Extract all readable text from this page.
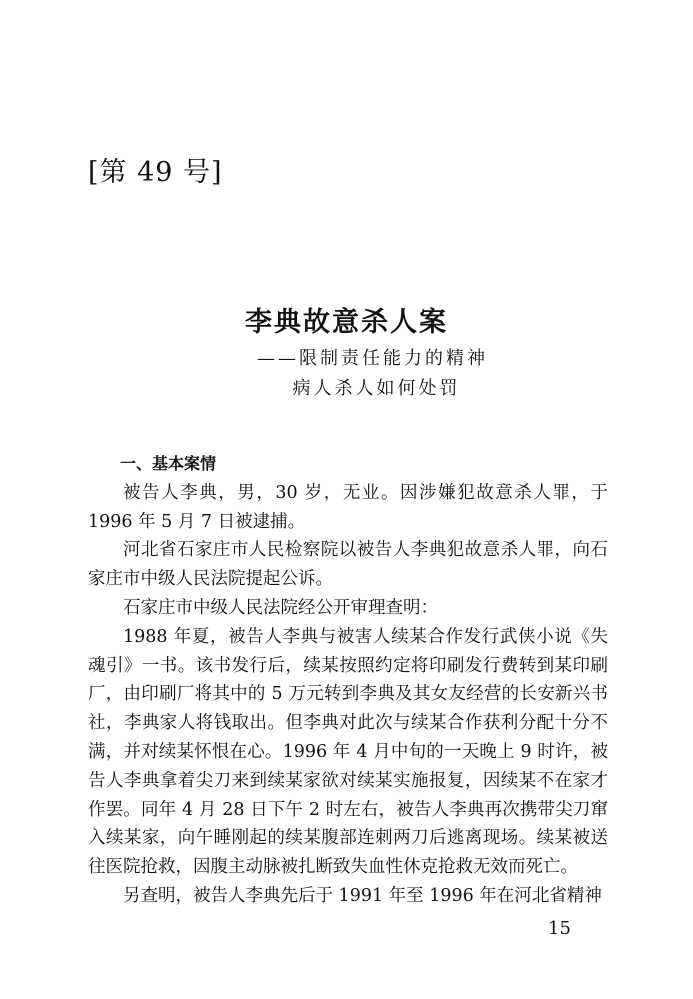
[第 49 号]
李典故意杀人案
——限制责任能力的精神
病人杀人如何处罚

一、基本案情

被告人李典，男，30 岁，无业。因涉嫌犯故意杀人罪，于 1996 年 5 月 7 日被逮捕。

河北省石家庄市人民检察院以被告人李典犯故意杀人罪，向石家庄市中级人民法院提起公诉。

石家庄市中级人民法院经公开审理查明：

1988 年夏，被告人李典与被害人续某合作发行武侠小说《失魂引》一书。该书发行后，续某按照约定将印刷发行费转到某印刷厂，由印刷厂将其中的 5 万元转到李典及其女友经营的长安新兴书社，李典家人将钱取出。但李典对此次与续某合作获利分配十分不满，并对续某怀恨在心。1996 年 4 月中旬的一天晚上 9 时许，被告人李典拿着尖刀来到续某家欲对续某实施报复，因续某不在家才作罢。同年 4 月 28 日下午 2 时左右，被告人李典再次携带尖刀窜入续某家，向午睡刚起的续某腹部连刺两刀后逃离现场。续某被送往医院抢救，因腹主动脉被扎断致失血性休克抢救无效而死亡。

另查明，被告人李典先后于 1991 年至 1996 年在河北省精神

15
